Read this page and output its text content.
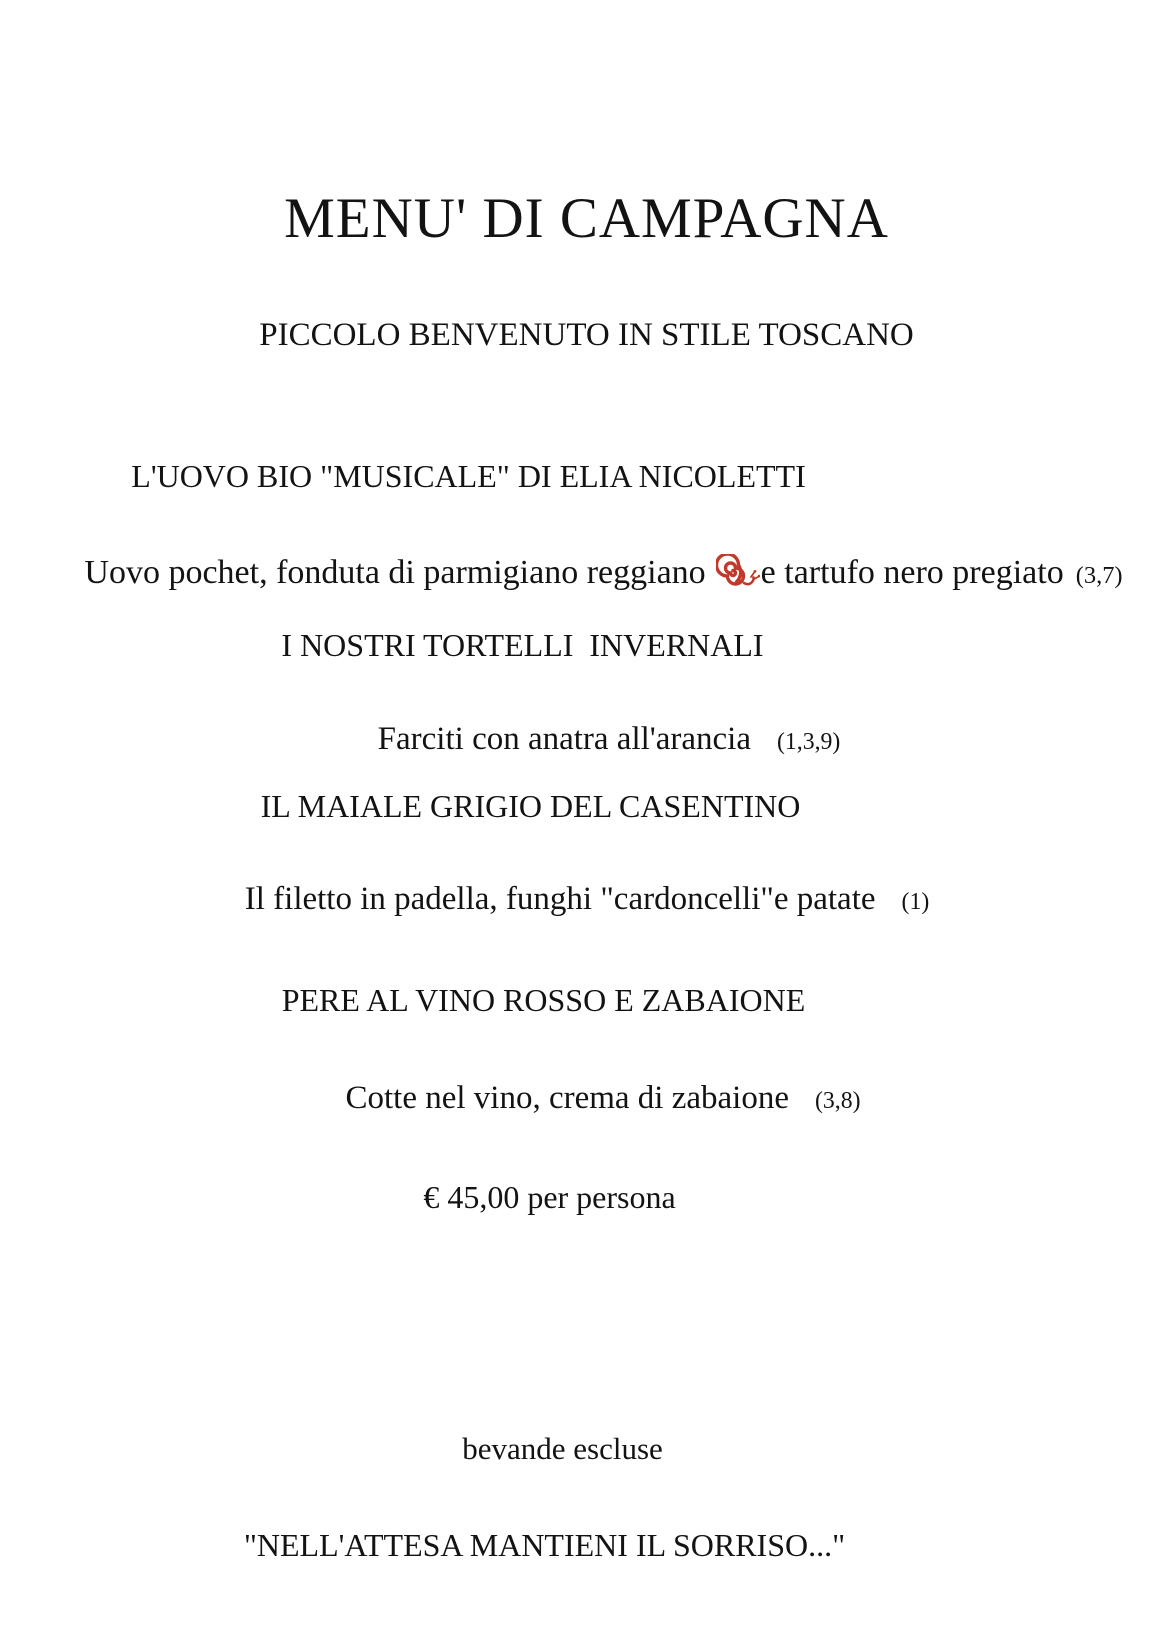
MENU' DI CAMPAGNA
PICCOLO BENVENUTO IN STILE TOSCANO
L'UOVO BIO "MUSICALE" DI ELIA NICOLETTI

Uovo pochet, fonduta di parmigiano reggiano e tartufo nero pregiato (3,7)

I NOSTRI TORTELLI  INVERNALI

Farciti con anatra all'arancia (1,3,9)

IL MAIALE GRIGIO DEL CASENTINO

Il filetto in padella, funghi "cardoncelli"e patate (1)

PERE AL VINO ROSSO E ZABAIONE

Cotte nel vino, crema di zabaione (3,8)

€ 45,00 per persona
bevande escluse
"NELL'ATTESA MANTIENI IL SORRISO..."
